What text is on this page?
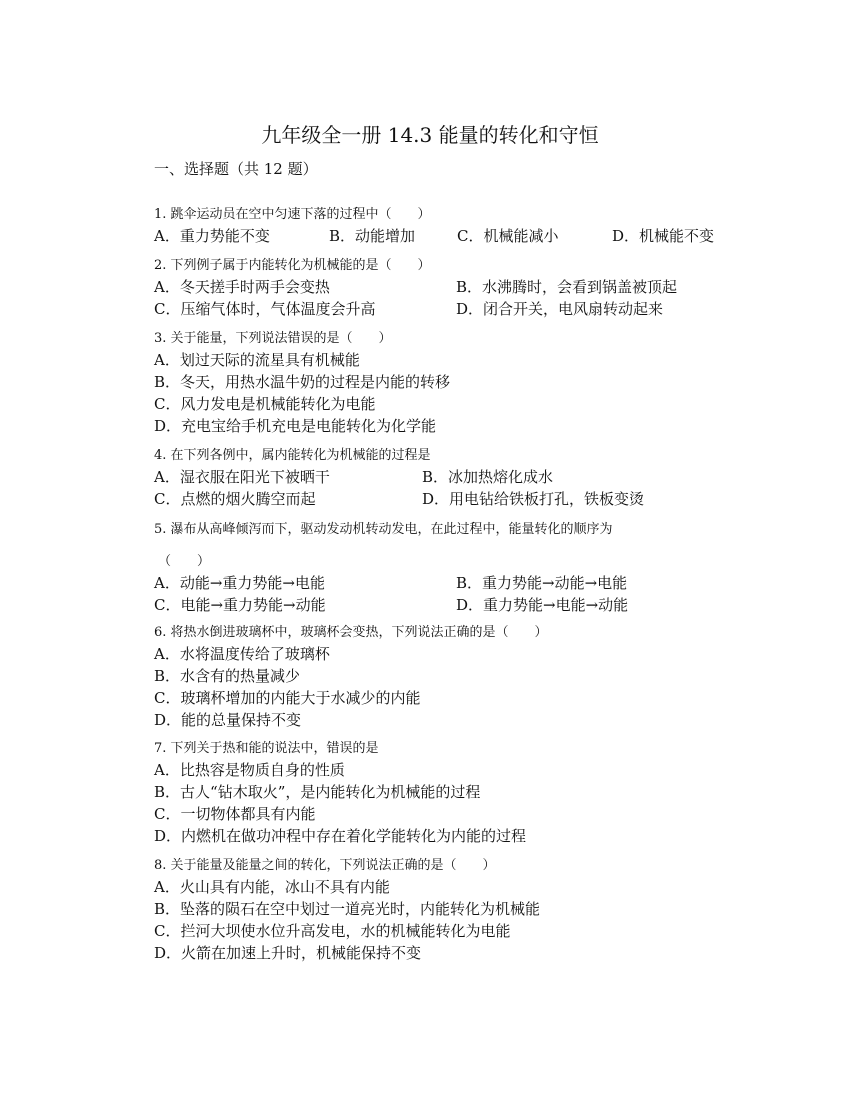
九年级全一册 14.3 能量的转化和守恒
一、选择题（共 12 题）
1. 跳伞运动员在空中匀速下落的过程中（　　）
A．重力势能不变	B．动能增加	C．机械能减小	D．机械能不变
2. 下列例子属于内能转化为机械能的是（　　）
A．冬天搓手时两手会变热	B．水沸腾时，会看到锅盖被顶起
C．压缩气体时，气体温度会升高	D．闭合开关，电风扇转动起来
3. 关于能量，下列说法错误的是（　　）
A．划过天际的流星具有机械能
B．冬天，用热水温牛奶的过程是内能的转移
C．风力发电是机械能转化为电能
D．充电宝给手机充电是电能转化为化学能
4. 在下列各例中，属内能转化为机械能的过程是
A．湿衣服在阳光下被晒干	B．冰加热熔化成水
C．点燃的烟火腾空而起	D．用电钻给铁板打孔，铁板变烫
5. 瀑布从高峰倾泻而下，驱动发动机转动发电，在此过程中，能量转化的顺序为
（　　）
A．动能→重力势能→电能	B．重力势能→动能→电能
C．电能→重力势能→动能	D．重力势能→电能→动能
6. 将热水倒进玻璃杯中，玻璃杯会变热，下列说法正确的是（　　）
A．水将温度传给了玻璃杯
B．水含有的热量减少
C．玻璃杯增加的内能大于水减少的内能
D．能的总量保持不变
7. 下列关于热和能的说法中，错误的是
A．比热容是物质自身的性质
B．古人“钻木取火”，是内能转化为机械能的过程
C．一切物体都具有内能
D．内燃机在做功冲程中存在着化学能转化为内能的过程
8. 关于能量及能量之间的转化，下列说法正确的是（　　）
A．火山具有内能，冰山不具有内能
B．坠落的陨石在空中划过一道亮光时，内能转化为机械能
C．拦河大坝使水位升高发电，水的机械能转化为电能
D．火箭在加速上升时，机械能保持不变
